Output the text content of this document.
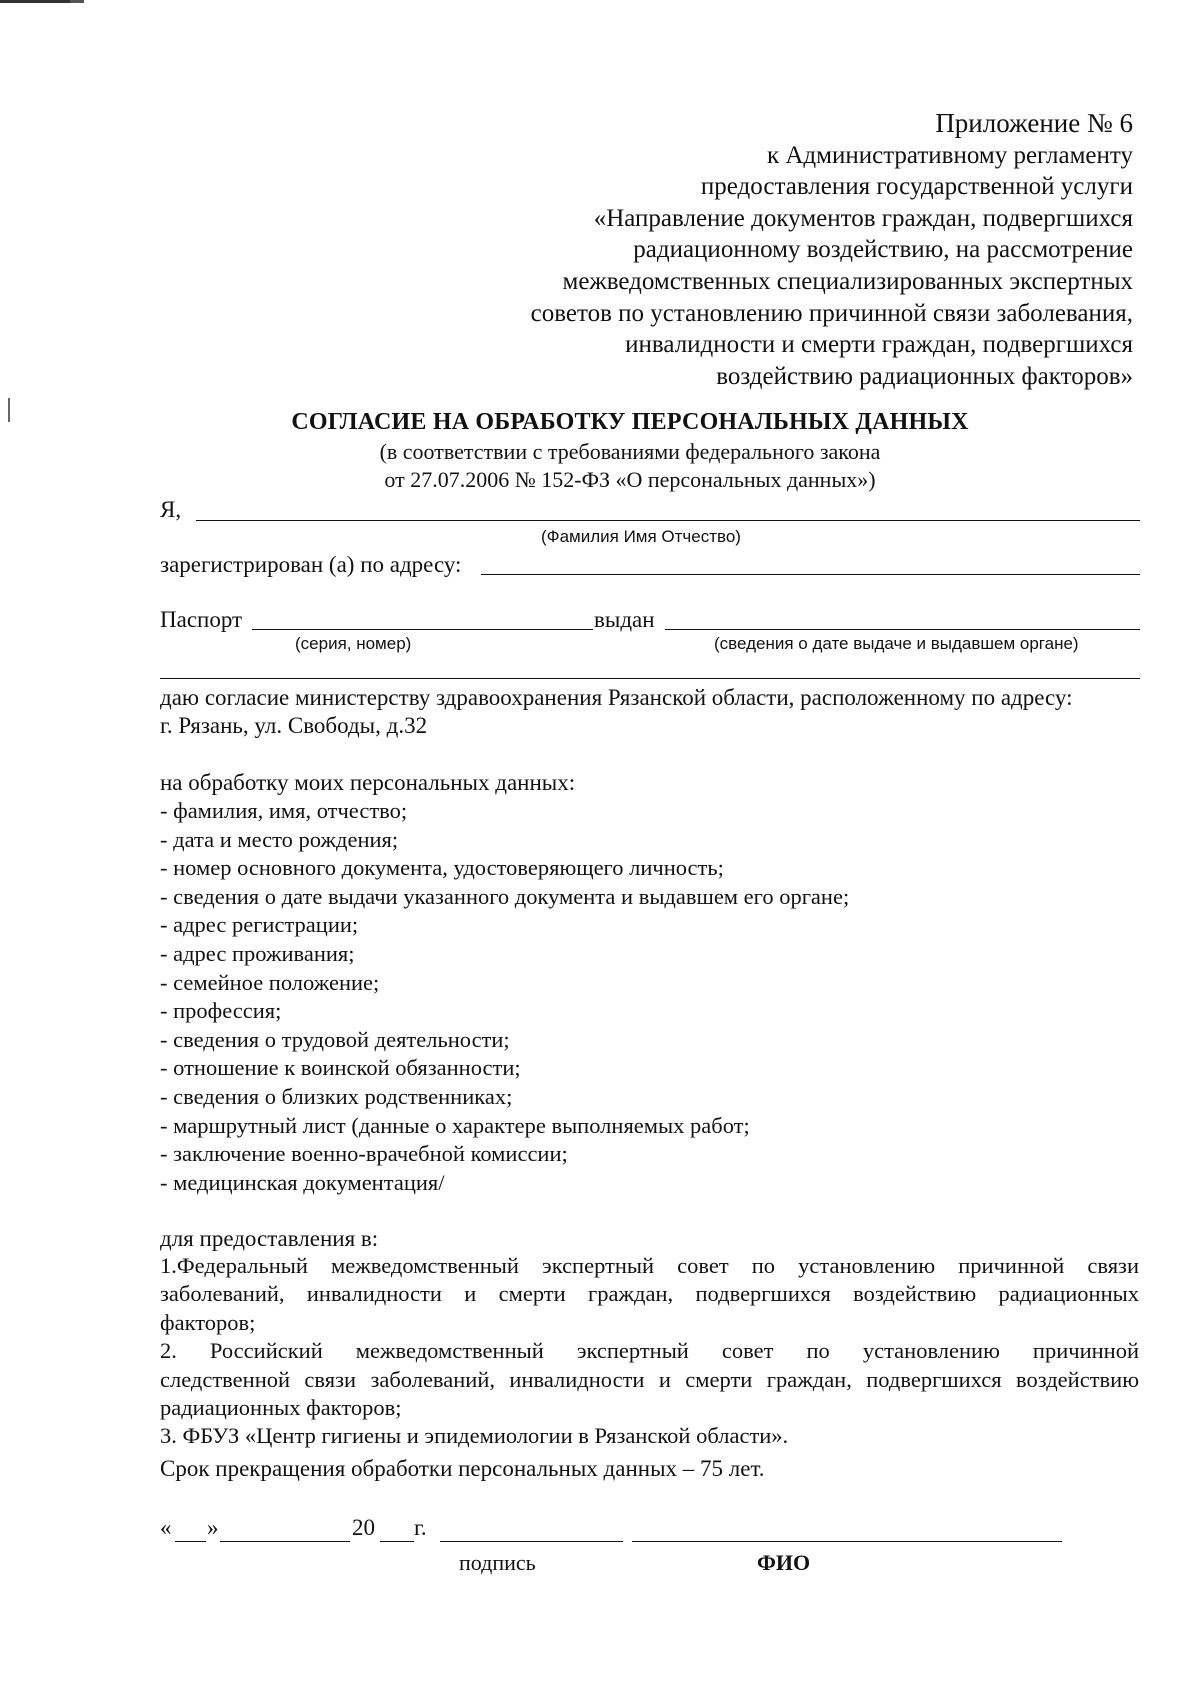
Приложение № 6
к Административному регламенту
предоставления государственной услуги
«Направление документов граждан, подвергшихся
радиационному воздействию, на рассмотрение
межведомственных специализированных экспертных
советов по установлению причинной связи заболевания,
инвалидности и смерти граждан, подвергшихся
воздействию радиационных факторов»
СОГЛАСИЕ НА ОБРАБОТКУ ПЕРСОНАЛЬНЫХ ДАННЫХ
(в соответствии с требованиями федерального закона
от 27.07.2006 № 152-ФЗ «О персональных данных»)
Я,
(Фамилия Имя Отчество)
зарегистрирован (а) по адресу:
Паспорт	выдан
(серия, номер)	(сведения о дате выдаче и выдавшем органе)
даю согласие министерству здравоохранения Рязанской области, расположенному по адресу:
г. Рязань, ул. Свободы, д.32
на обработку моих персональных данных:
- фамилия, имя, отчество;
- дата и место рождения;
- номер основного документа, удостоверяющего личность;
- сведения о дате выдачи указанного документа и выдавшем его органе;
- адрес регистрации;
- адрес проживания;
- семейное положение;
- профессия;
- сведения о трудовой деятельности;
- отношение к воинской обязанности;
- сведения о близких родственниках;
- маршрутный лист (данные о характере выполняемых работ;
- заключение военно-врачебной комиссии;
- медицинская документация/
для предоставления в:
1.Федеральный межведомственный экспертный совет по установлению причинной связи
заболеваний, инвалидности и смерти граждан, подвергшихся воздействию радиационных
факторов;
2. Российский межведомственный экспертный совет по установлению причинной
следственной связи заболеваний, инвалидности и смерти граждан, подвергшихся воздействию
радиационных факторов;
3. ФБУЗ «Центр гигиены и эпидемиологии в Рязанской области».
Срок прекращения обработки персональных данных – 75 лет.
« »	20 г.
подпись	ФИО
